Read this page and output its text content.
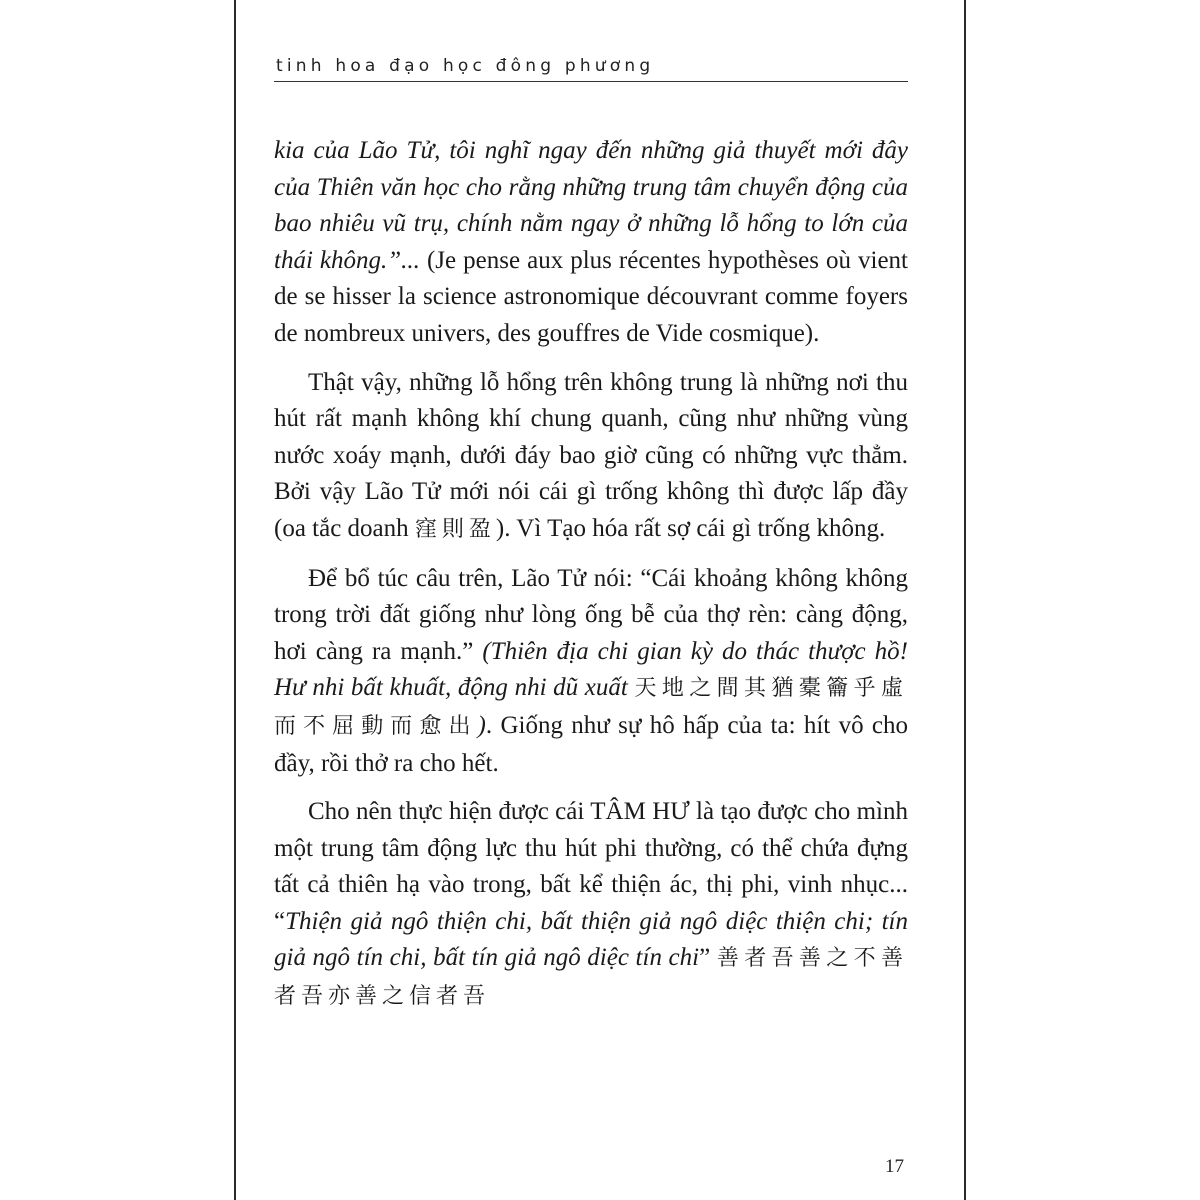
tinh hoa đạo học đông phương

kia của Lão Tử, tôi nghĩ ngay đến những giả thuyết mới đây của Thiên văn học cho rằng những trung tâm chuyển động của bao nhiêu vũ trụ, chính nằm ngay ở những lỗ hổng to lớn của thái không.”... (Je pense aux plus récentes hypothèses où vient de se hisser la science astronomique découvrant comme foyers de nombreux univers, des gouffres de Vide cosmique).

Thật vậy, những lỗ hổng trên không trung là những nơi thu hút rất mạnh không khí chung quanh, cũng như những vùng nước xoáy mạnh, dưới đáy bao giờ cũng có những vực thẳm. Bởi vậy Lão Tử mới nói cái gì trống không thì được lấp đầy (oa tắc doanh 窪則盈). Vì Tạo hóa rất sợ cái gì trống không.

Để bổ túc câu trên, Lão Tử nói: “Cái khoảng không không trong trời đất giống như lòng ống bễ của thợ rèn: càng động, hơi càng ra mạnh.” (Thiên địa chi gian kỳ do thác thược hồ! Hư nhi bất khuất, động nhi dũ xuất 天地之間其猶橐籥乎虛而不屈動而愈出). Giống như sự hô hấp của ta: hít vô cho đầy, rồi thở ra cho hết.

Cho nên thực hiện được cái TÂM HƯ là tạo được cho mình một trung tâm động lực thu hút phi thường, có thể chứa đựng tất cả thiên hạ vào trong, bất kể thiện ác, thị phi, vinh nhục... “Thiện giả ngô thiện chi, bất thiện giả ngô diệc thiện chi; tín giả ngô tín chi, bất tín giả ngô diệc tín chi” 善者吾善之不善者吾亦善之信者吾

17
